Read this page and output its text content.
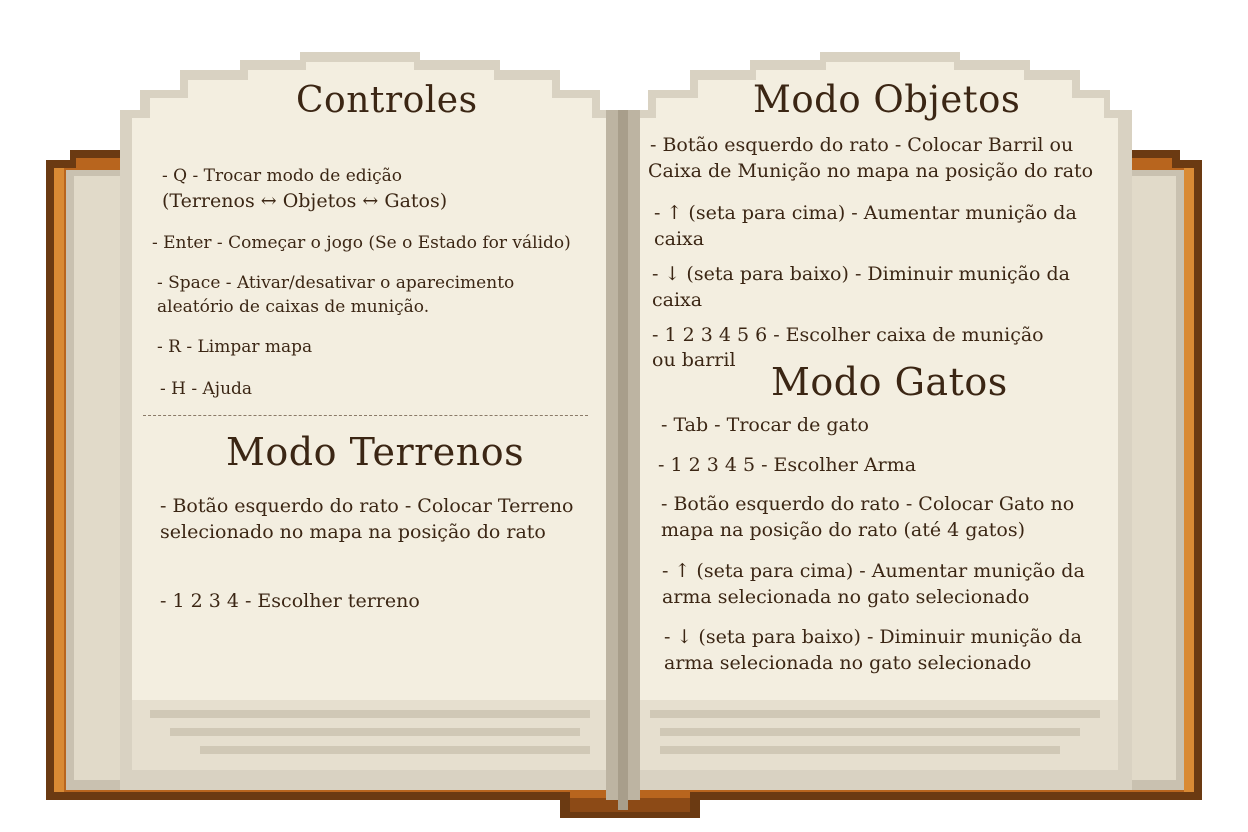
Controles

- Q - Trocar modo de edição

(Terrenos ↔ Objetos ↔ Gatos)

- Enter - Começar o jogo (Se o Estado for válido)

- Space - Ativar/desativar o aparecimento

aleatório de caixas de munição.

- R - Limpar mapa

- H - Ajuda

Modo Terrenos

- Botão esquerdo do rato - Colocar Terreno

selecionado no mapa na posição do rato

- 1 2 3 4 - Escolher terreno

Modo Objetos

- Botão esquerdo do rato - Colocar Barril ou

Caixa de Munição no mapa na posição do rato

- ↑ (seta para cima) - Aumentar munição da

caixa

- ↓ (seta para baixo) - Diminuir munição da

caixa

- 1 2 3 4 5 6 - Escolher caixa de munição

ou barril Modo Gatos

- Tab - Trocar de gato

- 1 2 3 4 5 - Escolher Arma

- Botão esquerdo do rato - Colocar Gato no

mapa na posição do rato (até 4 gatos)

- ↑ (seta para cima) - Aumentar munição da

arma selecionada no gato selecionado

- ↓ (seta para baixo) - Diminuir munição da

arma selecionada no gato selecionado
